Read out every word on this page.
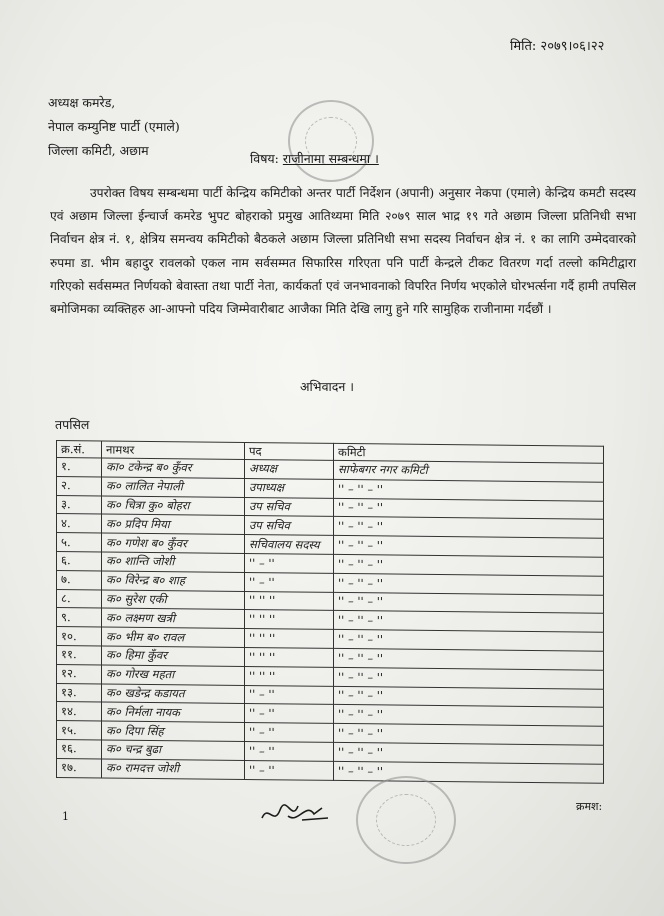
मिति: २०७९।०६।२२
अध्यक्ष कमरेड,
नेपाल कम्युनिष्ट पार्टी (एमाले)
जिल्ला कमिटी, अछाम
विषय: राजीनामा सम्बन्धमा ।
उपरोक्त विषय सम्बन्धमा पार्टी केन्द्रिय कमिटीको अन्तर पार्टी निर्देशन (अपानी) अनुसार नेकपा (एमाले) केन्द्रिय कमटी सदस्य एवं अछाम जिल्ला ईन्चार्ज कमरेड भुपट बोहराको प्रमुख आतिथ्यमा मिति २०७९ साल भाद्र १९ गते अछाम जिल्ला प्रतिनिधी सभा निर्वाचन क्षेत्र नं. १, क्षेत्रिय समन्वय कमिटीको बैठकले अछाम जिल्ला प्रतिनिधी सभा सदस्य निर्वाचन क्षेत्र नं. १ का लागि उम्मेदवारको रुपमा डा. भीम बहादुर रावलको एकल नाम सर्वसम्मत सिफारिस गरिएता पनि पार्टी केन्द्रले टीकट वितरण गर्दा तल्लो कमिटीद्वारा गरिएको सर्वसम्मत निर्णयको बेवास्ता तथा पार्टी नेता, कार्यकर्ता एवं जनभावनाको विपरित निर्णय भएकोले घोरभर्त्सना गर्दै हामी तपसिल बमोजिमका व्यक्तिहरु आ-आफ्नो पदिय जिम्मेवारीबाट आजैका मिति देखि लागु हुने गरि सामुहिक राजीनामा गर्दछौं ।
अभिवादन ।
तपसिल
क्र.सं.	नामथर	पद	कमिटी
१.	का० टकेन्द्र ब० कुँवर	अध्यक्ष	साफेबगर नगर कमिटी
२.	क० लालित नेपाली	उपाध्यक्ष	'' – '' – ''
३.	क० चित्रा कु० बोहरा	उप सचिव	'' – '' – ''
४.	क० प्रदिप मिया	उप सचिव	'' – '' – ''
५.	क० गणेश ब० कुँवर	सचिवालय सदस्य	'' – '' – ''
६.	क० शान्ति जोशी	'' – ''	'' – '' – ''
७.	क० विरेन्द्र ब० शाह	'' – ''	'' – '' – ''
८.	क० सुरेश एकी	'' '' ''	'' – '' – ''
९.	क० लक्ष्मण खत्री	'' '' ''	'' – '' – ''
१०.	क० भीम ब० रावल	'' '' ''	'' – '' – ''
११.	क० हिमा कुँवर	'' '' ''	'' – '' – ''
१२.	क० गोरख महता	'' '' ''	'' – '' – ''
१३.	क० खडेन्द्र कडायत	'' – ''	'' – '' – ''
१४.	क० निर्मला नायक	'' – ''	'' – '' – ''
१५.	क० दिपा सिंह	'' – ''	'' – '' – ''
१६.	क० चन्द्र बुढा	'' – ''	'' – '' – ''
१७.	क० रामदत्त जोशी	'' – ''	'' – '' – ''
1
क्रमश:
